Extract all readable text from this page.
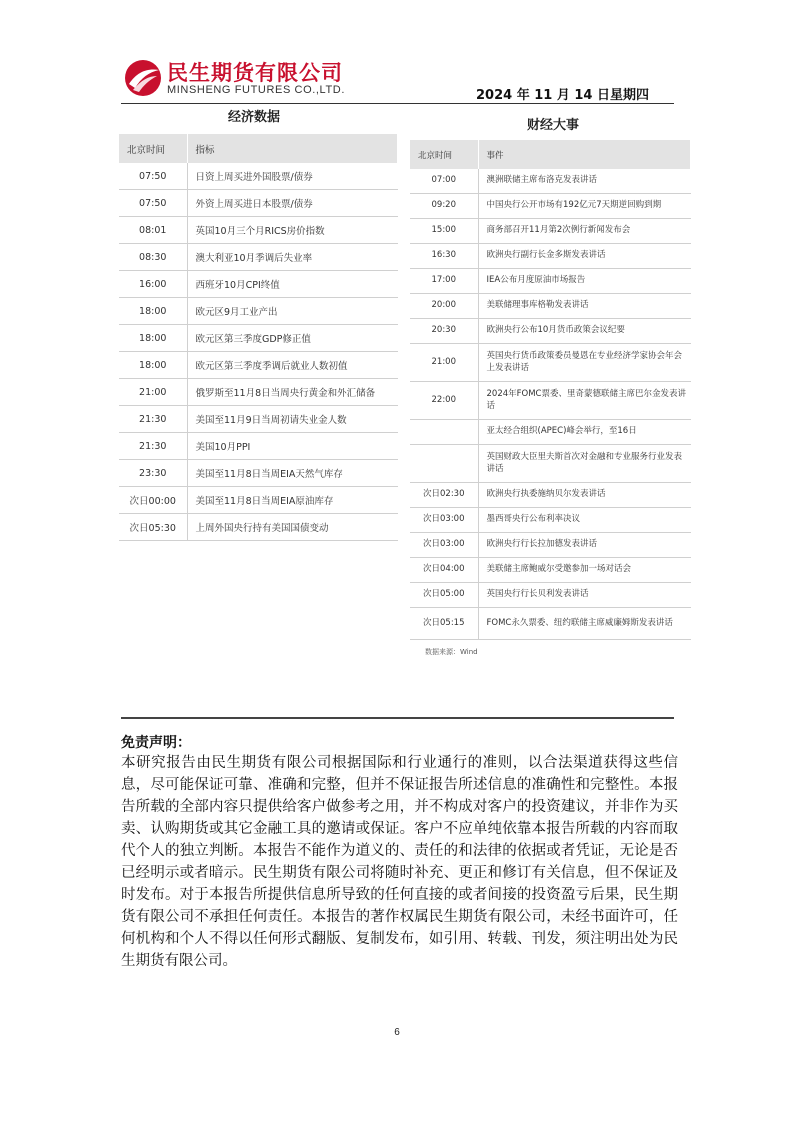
民生期货有限公司
MINSHENG FUTURES CO.,LTD.	2024 年 11 月 14 日星期四
经济数据
财经大事
北京时间	指标
07:50	日资上周买进外国股票/债券
07:50	外资上周买进日本股票/债券
08:01	英国10月三个月RICS房价指数
08:30	澳大利亚10月季调后失业率
16:00	西班牙10月CPI终值
18:00	欧元区9月工业产出
18:00	欧元区第三季度GDP修正值
18:00	欧元区第三季度季调后就业人数初值
21:00	俄罗斯至11月8日当周央行黄金和外汇储备
21:30	美国至11月9日当周初请失业金人数
21:30	美国10月PPI
23:30	美国至11月8日当周EIA天然气库存
次日00:00	美国至11月8日当周EIA原油库存
次日05:30	上周外国央行持有美国国债变动
北京时间	事件
07:00	澳洲联储主席布洛克发表讲话
09:20	中国央行公开市场有192亿元7天期逆回购到期
15:00	商务部召开11月第2次例行新闻发布会
16:30	欧洲央行副行长金多斯发表讲话
17:00	IEA公布月度原油市场报告
20:00	美联储理事库格勒发表讲话
20:30	欧洲央行公布10月货币政策会议纪要
21:00	英国央行货币政策委员曼恩在专业经济学家协会年会上发表讲话
22:00	2024年FOMC票委、里奇蒙德联储主席巴尔金发表讲话
	亚太经合组织(APEC)峰会举行，至16日
	英国财政大臣里夫斯首次对金融和专业服务行业发表讲话
次日02:30	欧洲央行执委施纳贝尔发表讲话
次日03:00	墨西哥央行公布利率决议
次日03:00	欧洲央行行长拉加德发表讲话
次日04:00	美联储主席鲍威尔受邀参加一场对话会
次日05:00	英国央行行长贝利发表讲话
次日05:15	FOMC永久票委、纽约联储主席威廉姆斯发表讲话
数据来源：Wind
免责声明：
本研究报告由民生期货有限公司根据国际和行业通行的准则，以合法渠道获得这些信息，尽可能保证可靠、准确和完整，但并不保证报告所述信息的准确性和完整性。本报告所载的全部内容只提供给客户做参考之用，并不构成对客户的投资建议，并非作为买卖、认购期货或其它金融工具的邀请或保证。客户不应单纯依靠本报告所载的内容而取代个人的独立判断。本报告不能作为道义的、责任的和法律的依据或者凭证，无论是否已经明示或者暗示。民生期货有限公司将随时补充、更正和修订有关信息，但不保证及时发布。对于本报告所提供信息所导致的任何直接的或者间接的投资盈亏后果，民生期货有限公司不承担任何责任。本报告的著作权属民生期货有限公司，未经书面许可，任何机构和个人不得以任何形式翻版、复制发布，如引用、转载、刊发，须注明出处为民生期货有限公司。
6
